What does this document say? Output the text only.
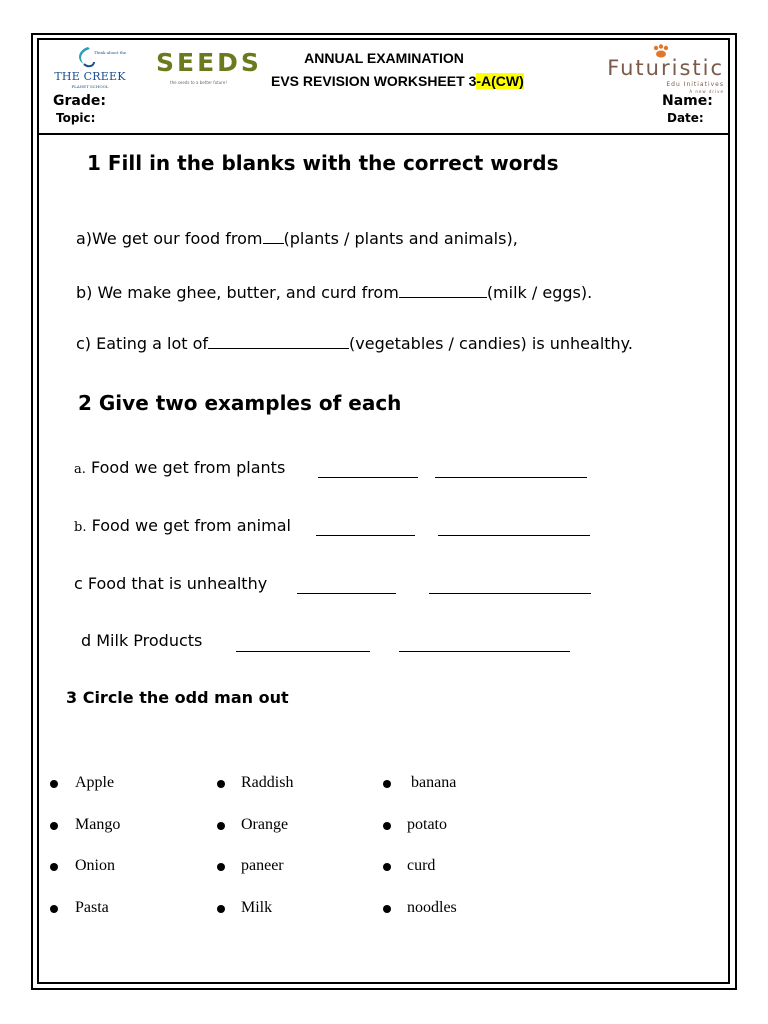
Think about the
THE CREEK
PLANET SCHOOL
SEEDS
the seeds to a better future!
Futuristic
Edu Initiatives
A new drive
ANNUAL EXAMINATION
EVS REVISION WORKSHEET 3-A(CW)
Grade:
Topic:
Name:
Date:
1 Fill in the blanks with the correct words
a)We get our food from (plants / plants and animals),
b) We make ghee, butter, and curd from	(milk / eggs).
c) Eating a lot of	(vegetables / candies) is unhealthy.
2 Give two examples of each
a. Food we get from plants
b. Food we get from animal
c Food that is unhealthy
d Milk Products
3 Circle the odd man out
Apple
Mango
Onion
Pasta
Raddish
Orange
paneer
Milk
banana
potato
curd
noodles
